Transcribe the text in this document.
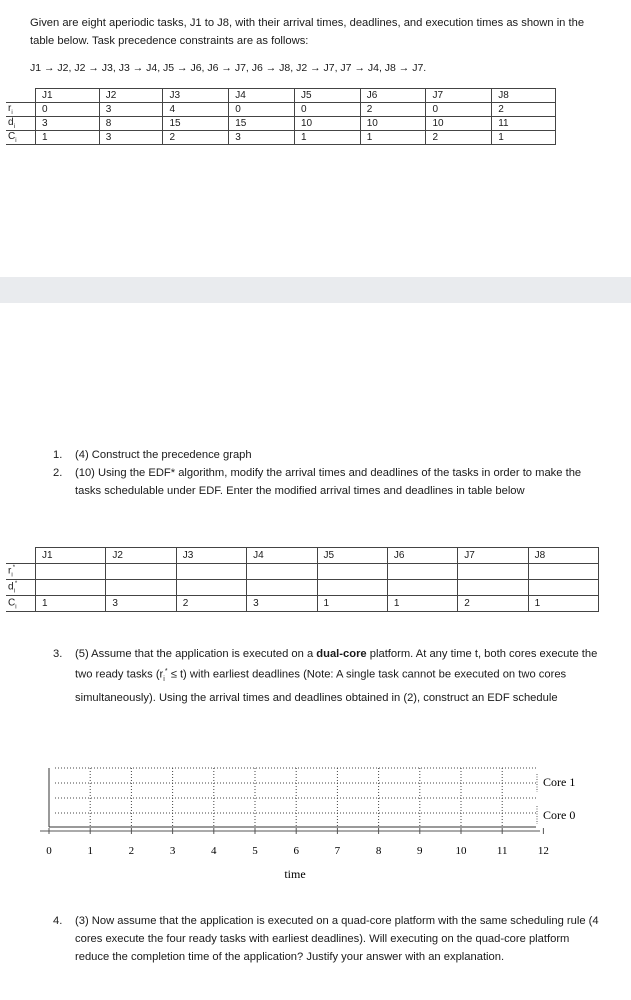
Given are eight aperiodic tasks, J1 to J8, with their arrival times, deadlines, and execution times as shown in the table below. Task precedence constraints are as follows:
J1 → J2, J2 → J3, J3 → J4, J5 → J6, J6 → J7, J6 → J8, J2 → J7, J7 → J4, J8 → J7.
	J1	J2	J3	J4	J5	J6	J7	J8
$r_i$	0	3	4	0	0	2	0	2
$d_i$	3	8	15	15	10	10	10	11
$C_i$	1	3	2	3	1	1	2	1
1. (4) Construct the precedence graph
2. (10) Using the EDF* algorithm, modify the arrival times and deadlines of the tasks in order to make the tasks schedulable under EDF. Enter the modified arrival times and deadlines in table below
	J1	J2	J3	J4	J5	J6	J7	J8
$r_i^*$								
$d_i^*$								
$C_i$	1	3	2	3	1	1	2	1
3. (5) Assume that the application is executed on a dual-core platform. At any time t, both cores execute the two ready tasks $(r_i^* \le t)$ with earliest deadlines (Note: A single task cannot be executed on two cores simultaneously). Using the arrival times and deadlines obtained in (2), construct an EDF schedule
Core 1
Core 0
0	1	2	3	4	5	6	7	8	9	10	11	12
time
4. (3) Now assume that the application is executed on a quad-core platform with the same scheduling rule (4 cores execute the four ready tasks with earliest deadlines). Will executing on the quad-core platform reduce the completion time of the application? Justify your answer with an explanation.
